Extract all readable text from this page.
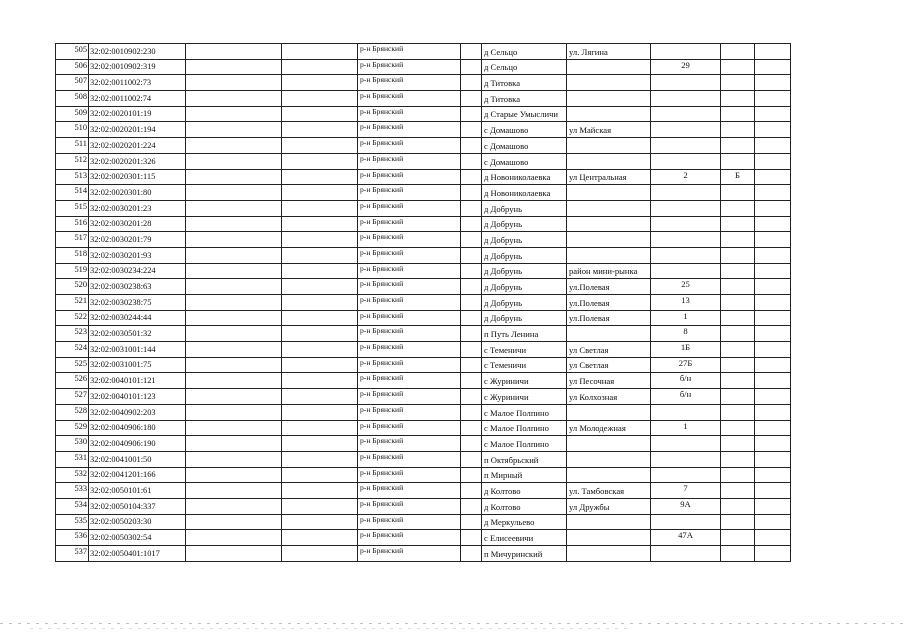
505	32:02:0010902:230			р-н Брянский		д Сельцо	ул. Лягина			
506	32:02:0010902:319			р-н Брянский		д Сельцо		29		
507	32:02:0011002:73			р-н Брянский		д Титовка				
508	32:02:0011002:74			р-н Брянский		д Титовка				
509	32:02:0020101:19			р-н Брянский		д Старые Умысличи				
510	32:02:0020201:194			р-н Брянский		с Домашово	ул Майская			
511	32:02:0020201:224			р-н Брянский		с Домашово				
512	32:02:0020201:326			р-н Брянский		с Домашово				
513	32:02:0020301:115			р-н Брянский		д Новониколаевка	ул Центральная	2	Б	
514	32:02:0020301:80			р-н Брянский		д Новониколаевка				
515	32:02:0030201:23			р-н Брянский		д Добрунь				
516	32:02:0030201:28			р-н Брянский		д Добрунь				
517	32:02:0030201:79			р-н Брянский		д Добрунь				
518	32:02:0030201:93			р-н Брянский		д Добрунь				
519	32:02:0030234:224			р-н Брянский		д Добрунь	район мини-рынка			
520	32:02:0030238:63			р-н Брянский		д Добрунь	ул.Полевая	25		
521	32:02:0030238:75			р-н Брянский		д Добрунь	ул.Полевая	13		
522	32:02:0030244:44			р-н Брянский		д Добрунь	ул.Полевая	1		
523	32:02:0030501:32			р-н Брянский		п Путь Ленина		8		
524	32:02:0031001:144			р-н Брянский		с Теменичи	ул Светлая	1Б		
525	32:02:0031001:75			р-н Брянский		с Теменичи	ул Светлая	27Б		
526	32:02:0040101:121			р-н Брянский		с Журиничи	ул Песочная	б/н		
527	32:02:0040101:123			р-н Брянский		с Журиничи	ул Колхозная	б/н		
528	32:02:0040902:203			р-н Брянский		с Малое Полпино				
529	32:02:0040906:180			р-н Брянский		с Малое Полпино	ул Молодежная	1		
530	32:02:0040906:190			р-н Брянский		с Малое Полпино				
531	32:02:0041001:50			р-н Брянский		п Октябрьский				
532	32:02:0041201:166			р-н Брянский		п Мирный				
533	32:02:0050101:61			р-н Брянский		д Колтово	ул. Тамбовская	7		
534	32:02:0050104:337			р-н Брянский		д Колтово	ул Дружбы	9А		
535	32:02:0050203:30			р-н Брянский		д Меркульево				
536	32:02:0050302:54			р-н Брянский		с Елисеевичи		47А		
537	32:02:0050401:1017			р-н Брянский		п Мичуринский				
